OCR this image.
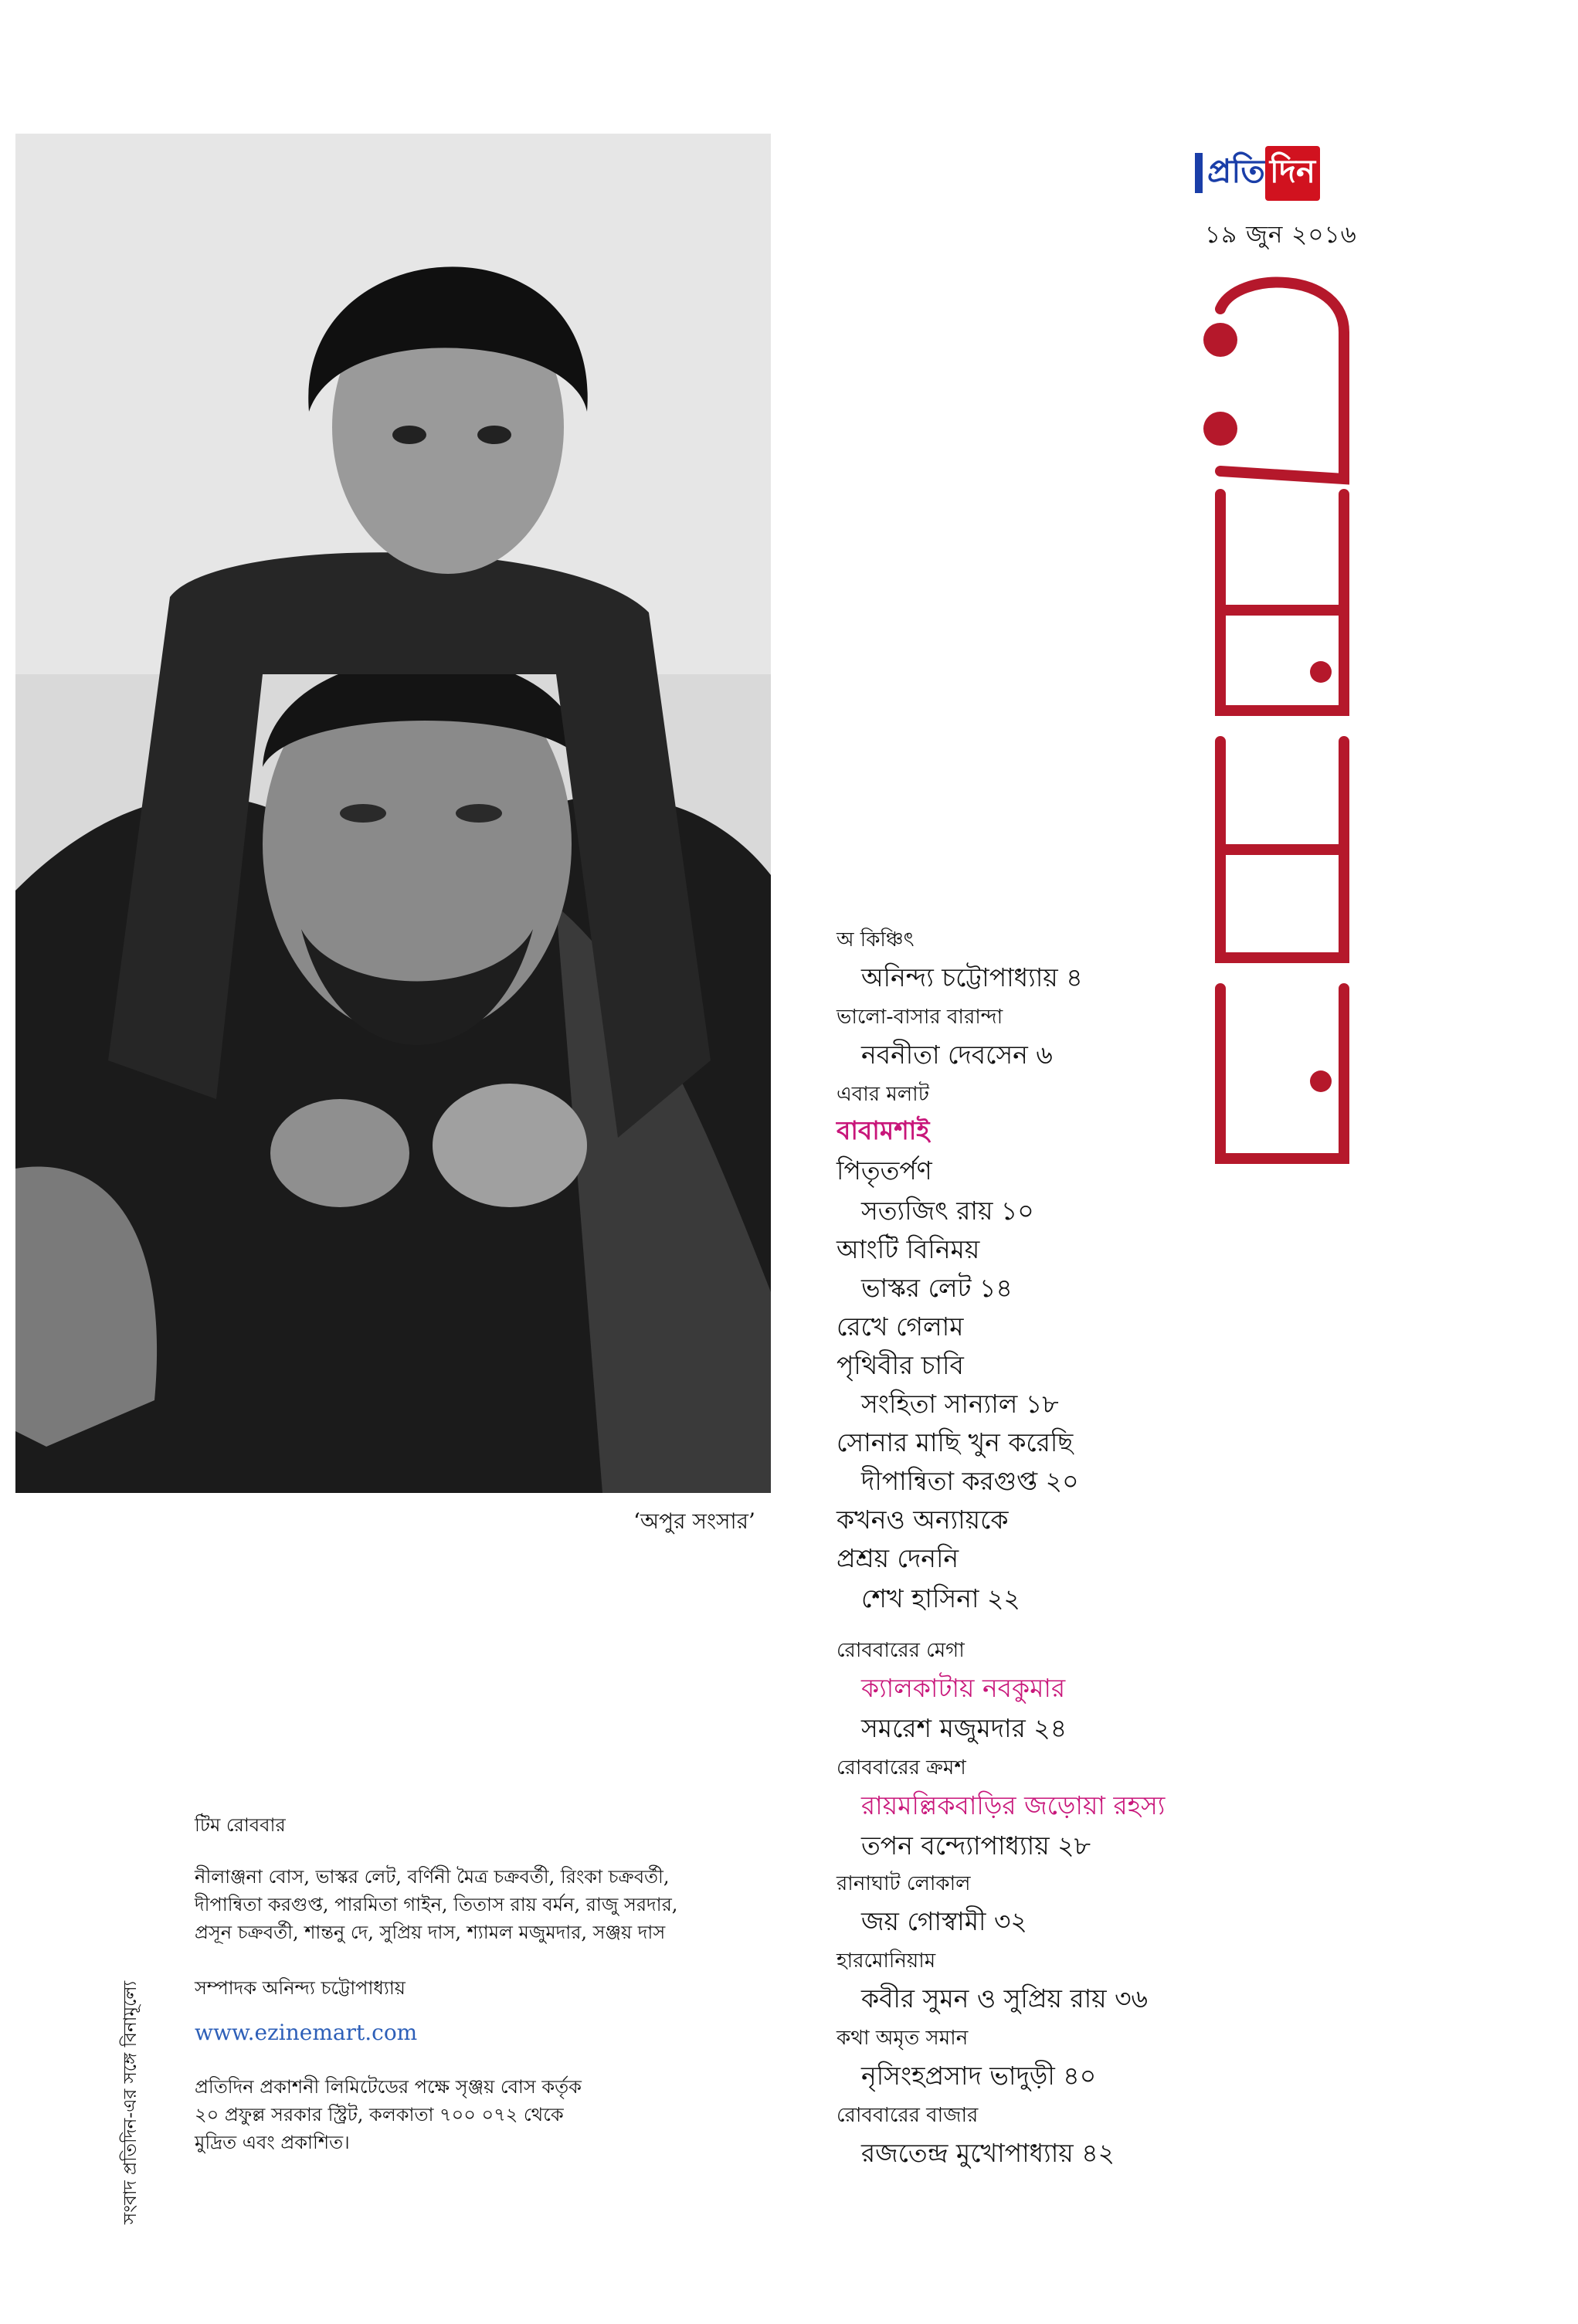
‘অপুর সংসার’
প্রতি দিন
১৯ জুন ২০১৬
অ কিঞ্চিৎ
অনিন্দ্য চট্টোপাধ্যায় ৪
ভালো-বাসার বারান্দা
নবনীতা দেবসেন ৬
এবার মলাট
বাবামশাই
পিতৃতর্পণ
সত্যজিৎ রায় ১০
আংটি বিনিময়
ভাস্কর লেট ১৪
রেখে গেলাম
পৃথিবীর চাবি
সংহিতা সান্যাল ১৮
সোনার মাছি খুন করেছি
দীপান্বিতা করগুপ্ত ২০
কখনও অন্যায়কে
প্রশ্রয় দেননি
শেখ হাসিনা ২২
রোববারের মেগা
ক্যালকাটায় নবকুমার
সমরেশ মজুমদার ২৪
রোববারের ক্রমশ
রায়মল্লিকবাড়ির জড়োয়া রহস্য
তপন বন্দ্যোপাধ্যায় ২৮
রানাঘাট লোকাল
জয় গোস্বামী ৩২
হারমোনিয়াম
কবীর সুমন ও সুপ্রিয় রায় ৩৬
কথা অমৃত সমান
নৃসিংহপ্রসাদ ভাদুড়ী ৪০
রোববারের বাজার
রজতেন্দ্র মুখোপাধ্যায় ৪২
টিম রোববার
নীলাঞ্জনা বোস, ভাস্কর লেট, বর্ণিনী মৈত্র চক্রবর্তী, রিংকা চক্রবর্তী,
দীপান্বিতা করগুপ্ত, পারমিতা গাইন, তিতাস রায় বর্মন, রাজু সরদার,
প্রসূন চক্রবর্তী, শান্তনু দে, সুপ্রিয় দাস, শ্যামল মজুমদার, সঞ্জয় দাস
সম্পাদক অনিন্দ্য চট্টোপাধ্যায়
www.ezinemart.com
প্রতিদিন প্রকাশনী লিমিটেডের পক্ষে সৃঞ্জয় বোস কর্তৃক
২০ প্রফুল্ল সরকার স্ট্রিট, কলকাতা ৭০০ ০৭২ থেকে
মুদ্রিত এবং প্রকাশিত।
সংবাদ প্রতিদিন-এর সঙ্গে বিনামূল্যে
